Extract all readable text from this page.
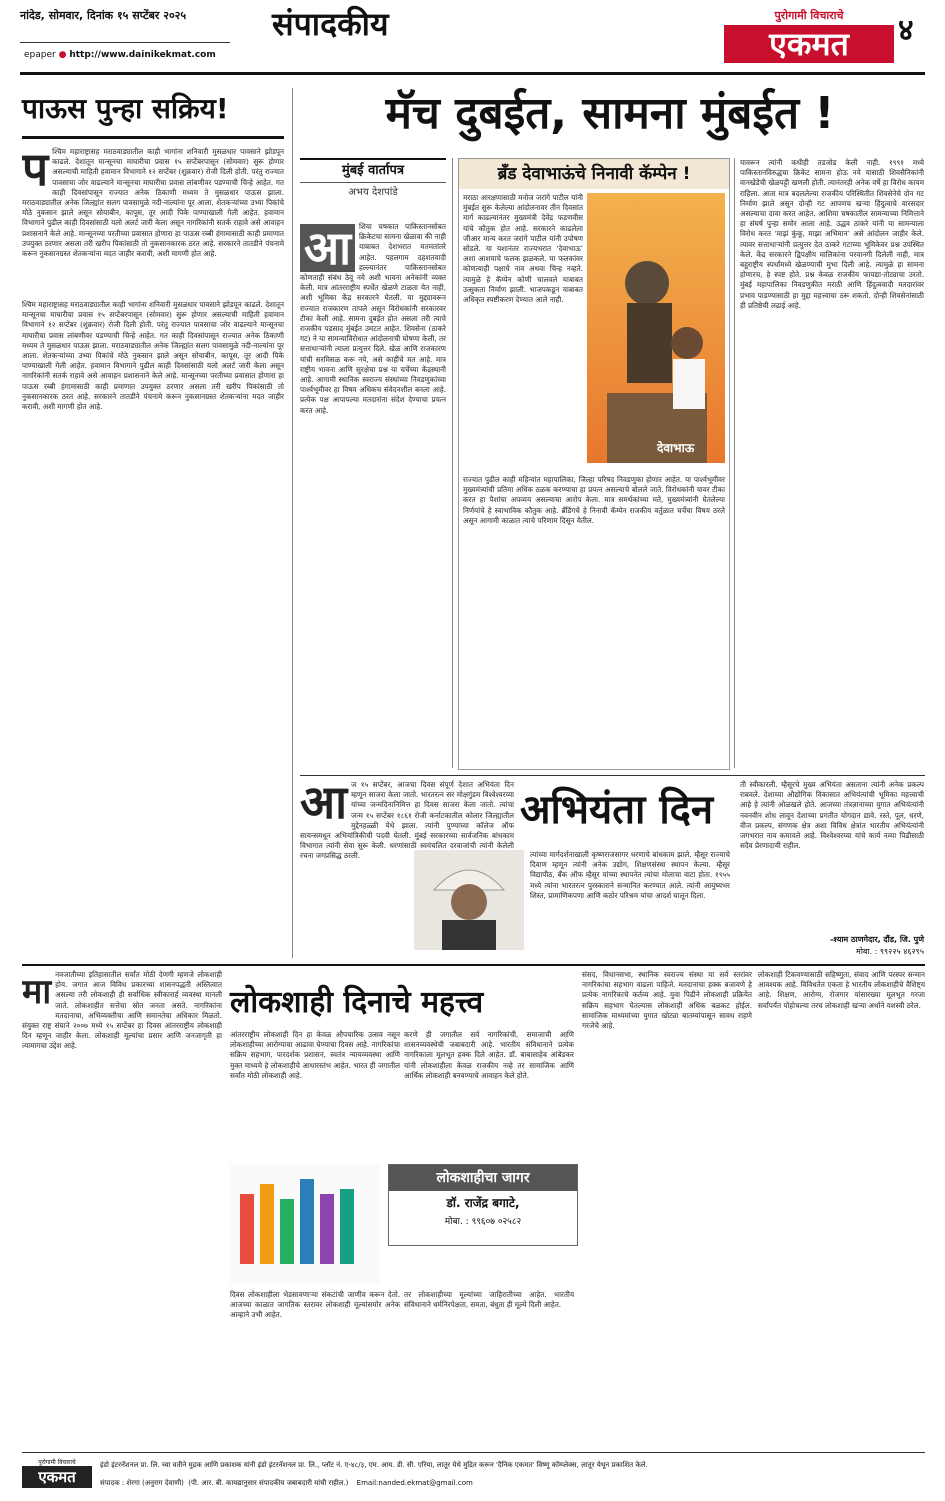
नांदेड, सोमवार, दिनांक १५ सप्टेंबर २०२५
epaper ● http://www.dainikekmat.com
संपादकीय	पुरोगामी विचाराचे
एकमत	४
पाऊस पुन्हा सक्रिय!
प श्चिम महाराष्ट्रासह मराठवाड्यातील काही भागांना शनिवारी मुसळधार पावसाने झोडपून काढले. देशातून मान्सूनचा माघारीचा प्रवास १५ सप्टेंबरपासून (सोमवार) सुरू होणार असल्याची माहिती हवामान विभागाने १२ सप्टेंबर (शुक्रवार) रोजी दिली होती. परंतु राज्यात पावसाचा जोर वाढल्याने मान्सूनचा माघारीचा प्रवास लांबणीवर पडण्याची चिन्हे आहेत. गत काही दिवसांपासून राज्यात अनेक ठिकाणी मध्यम ते मुसळधार पाऊस झाला. मराठवाड्यातील अनेक जिल्ह्यांत सलग पावसामुळे नदी-नाल्यांना पूर आला. शेतकऱ्यांच्या उभ्या पिकांचे मोठे नुकसान झाले असून सोयाबीन, कापूस, तूर आदी पिके पाण्याखाली गेली आहेत. हवामान विभागाने पुढील काही दिवसांसाठी यलो अलर्ट जारी केला असून नागरिकांनी सतर्क राहावे असे आवाहन प्रशासनाने केले आहे. मान्सूनच्या परतीच्या प्रवासात होणारा हा पाऊस रब्बी हंगामासाठी काही प्रमाणात उपयुक्त ठरणार असला तरी खरीप पिकांसाठी तो नुकसानकारक ठरत आहे. सरकारने तातडीने पंचनामे करून नुकसानग्रस्त शेतकऱ्यांना मदत जाहीर करावी, अशी मागणी होत आहे.
श्चिम महाराष्ट्रासह मराठवाड्यातील काही भागांना शनिवारी मुसळधार पावसाने झोडपून काढले. देशातून मान्सूनचा माघारीचा प्रवास १५ सप्टेंबरपासून (सोमवार) सुरू होणार असल्याची माहिती हवामान विभागाने १२ सप्टेंबर (शुक्रवार) रोजी दिली होती. परंतु राज्यात पावसाचा जोर वाढल्याने मान्सूनचा माघारीचा प्रवास लांबणीवर पडण्याची चिन्हे आहेत. गत काही दिवसांपासून राज्यात अनेक ठिकाणी मध्यम ते मुसळधार पाऊस झाला. मराठवाड्यातील अनेक जिल्ह्यांत सलग पावसामुळे नदी-नाल्यांना पूर आला. शेतकऱ्यांच्या उभ्या पिकांचे मोठे नुकसान झाले असून सोयाबीन, कापूस, तूर आदी पिके पाण्याखाली गेली आहेत. हवामान विभागाने पुढील काही दिवसांसाठी यलो अलर्ट जारी केला असून नागरिकांनी सतर्क राहावे असे आवाहन प्रशासनाने केले आहे. मान्सूनच्या परतीच्या प्रवासात होणारा हा पाऊस रब्बी हंगामासाठी काही प्रमाणात उपयुक्त ठरणार असला तरी खरीप पिकांसाठी तो नुकसानकारक ठरत आहे. सरकारने तातडीने पंचनामे करून नुकसानग्रस्त शेतकऱ्यांना मदत जाहीर करावी, अशी मागणी होत आहे.
मॅच दुबईत, सामना मुंबईत !
मुंबई वार्तापत्र
अभय देशपांडे
आ	शिया चषकात पाकिस्तानसोबत क्रिकेटचा सामना खेळावा की नाही याबाबत देशभरात मतमतांतरे आहेत. पहलगाम दहशतवादी हल्ल्यानंतर पाकिस्तानसोबत कोणताही संबंध ठेवू नये अशी भावना अनेकांनी व्यक्त केली. मात्र आंतरराष्ट्रीय स्पर्धेत खेळणे टाळता येत नाही, अशी भूमिका केंद्र सरकारने घेतली. या मुद्द्यावरून राज्यात राजकारण तापले असून विरोधकांनी सरकारवर टीका केली आहे. सामना दुबईत होत असला तरी त्याचे राजकीय पडसाद मुंबईत उमटत आहेत. शिवसेना (ठाकरे गट) ने या सामन्याविरोधात आंदोलनाची घोषणा केली, तर सत्ताधाऱ्यांनी त्याला प्रत्युत्तर दिले. खेळ आणि राजकारण यांची सरमिसळ करू नये, असे काहींचे मत आहे. मात्र राष्ट्रीय भावना आणि सुरक्षेचा प्रश्न या चर्चेच्या केंद्रस्थानी आहे. आगामी स्थानिक स्वराज्य संस्थांच्या निवडणुकांच्या पार्श्वभूमीवर हा विषय अधिकच संवेदनशील बनला आहे. प्रत्येक पक्ष आपापल्या मतदारांना संदेश देण्याचा प्रयत्न करत आहे.
ब्रँड देवाभाऊंचे निनावी कॅम्पेन !
मराठा आरक्षणासाठी मनोज जरांगे पाटील यांनी मुंबईत सुरू केलेल्या आंदोलनावर तीन दिवसांत मार्ग काढल्यानंतर मुख्यमंत्री देवेंद्र फडणवीस यांचे कौतुक होत आहे. सरकारने काढलेला जीआर मान्य करत जरांगे पाटील यांनी उपोषण सोडले. या यशानंतर राज्यभरात ‘देवाभाऊ’ अशा आशयाचे फलक झळकले. या फलकांवर कोणत्याही पक्षाचे नाव अथवा चिन्ह नव्हते. त्यामुळे हे कॅम्पेन कोणी चालवले याबाबत उत्सुकता निर्माण झाली. भाजपकडून याबाबत अधिकृत स्पष्टीकरण देण्यात आले नाही.
देवाभाऊ
राज्यात पुढील काही महिन्यांत महापालिका, जिल्हा परिषद निवडणुका होणार आहेत. या पार्श्वभूमीवर मुख्यमंत्र्यांची प्रतिमा अधिक ठळक करण्याचा हा प्रयत्न असल्याचे बोलले जाते. विरोधकांनी यावर टीका करत हा पैशांचा अपव्यय असल्याचा आरोप केला. मात्र समर्थकांच्या मते, मुख्यमंत्र्यांनी घेतलेल्या निर्णयांचे हे स्वाभाविक कौतुक आहे. ब्रँडिंगचे हे निनावी कॅम्पेन राजकीय वर्तुळात चर्चेचा विषय ठरले असून आगामी काळात त्याचे परिणाम दिसून येतील.
यावरून त्यांनी कधीही तडजोड केली नाही. १९९१ मध्ये पाकिस्तानविरुद्धचा क्रिकेट सामना होऊ नये यासाठी शिवसैनिकांनी वानखेडेची खेळपट्टी खणली होती. त्यानंतरही अनेक वर्षे हा विरोध कायम राहिला. आता मात्र बदललेल्या राजकीय परिस्थितीत शिवसेनेचे दोन गट निर्माण झाले असून दोन्ही गट आपणच खऱ्या हिंदुत्वाचे वारसदार असल्याचा दावा करत आहेत. आशिया चषकातील सामन्याच्या निमित्ताने हा संघर्ष पुन्हा समोर आला आहे. उद्धव ठाकरे यांनी या सामन्याला विरोध करत ‘माझं कुंकू, माझा अभिमान’ असे आंदोलन जाहीर केले. त्यावर सत्ताधाऱ्यांनी प्रत्युत्तर देत ठाकरे गटाच्या भूमिकेवर प्रश्न उपस्थित केले. केंद्र सरकारने द्विपक्षीय मालिकांना परवानगी दिलेली नाही, मात्र बहुराष्ट्रीय स्पर्धांमध्ये खेळण्याची मुभा दिली आहे. त्यामुळे हा सामना होणारच, हे स्पष्ट होते. प्रश्न केवळ राजकीय फायद्या-तोट्याचा उरतो. मुंबई महापालिका निवडणुकीत मराठी आणि हिंदुत्ववादी मतदारांवर प्रभाव पाडण्यासाठी हा मुद्दा महत्त्वाचा ठरू शकतो. दोन्ही शिवसेनांसाठी ही प्रतिष्ठेची लढाई आहे.
अभियंता दिन
आ ज १५ सप्टेंबर, आजचा दिवस संपूर्ण देशात अभियंता दिन म्हणून साजरा केला जातो. भारतरत्न सर मोक्षगुंडम विश्वेश्वरय्या यांच्या जन्मदिनानिमित्त हा दिवस साजरा केला जातो. त्यांचा जन्म १५ सप्टेंबर १८६१ रोजी कर्नाटकातील कोलार जिल्ह्यातील मुद्देनहळ्ळी येथे झाला. त्यांनी पुण्याच्या कॉलेज ऑफ सायन्समधून अभियांत्रिकीची पदवी घेतली. मुंबई सरकारच्या सार्वजनिक बांधकाम विभागात त्यांनी सेवा सुरू केली. धरणांसाठी स्वयंचलित दरवाजांची त्यांनी केलेली रचना जगप्रसिद्ध ठरली.	त्यांच्या मार्गदर्शनाखाली कृष्णराजसागर धरणाचे बांधकाम झाले. म्हैसूर राज्याचे दिवाण म्हणून त्यांनी अनेक उद्योग, शिक्षणसंस्था स्थापन केल्या. म्हैसूर विद्यापीठ, बँक ऑफ म्हैसूर यांच्या स्थापनेत त्यांचा मोलाचा वाटा होता. १९५५ मध्ये त्यांना भारतरत्न पुरस्काराने सन्मानित करण्यात आले. त्यांनी आयुष्यभर शिस्त, प्रामाणिकपणा आणि कठोर परिश्रम यांचा आदर्श घालून दिला.
ती स्वीकारली. म्हैसूरचे मुख्य अभियंता असताना त्यांनी अनेक प्रकल्प राबवले. देशाच्या औद्योगिक विकासात अभियंत्यांची भूमिका महत्त्वाची आहे हे त्यांनी ओळखले होते. आजच्या तंत्रज्ञानाच्या युगात अभियंत्यांनी नवनवीन शोध लावून देशाच्या प्रगतीत योगदान द्यावे. रस्ते, पूल, धरणे, वीज प्रकल्प, संगणक क्षेत्र अशा विविध क्षेत्रांत भारतीय अभियंत्यांनी जगभरात नाव कमावले आहे. विश्वेश्वरय्या यांचे कार्य नव्या पिढीसाठी सदैव प्रेरणादायी राहील.
-श्याम ठाणगेदार, दौंड, जि. पुणे
मोबा. : ९९२२५ ४६२९५
लोकशाही दिनाचे महत्त्व
मा नवजातीच्या इतिहासातील सर्वांत मोठी देणगी म्हणजे लोकशाही होय. जगात आज विविध प्रकारच्या शासनपद्धती अस्तित्वात असल्या तरी लोकशाही ही सर्वाधिक स्वीकारार्ह व्यवस्था मानली जाते. लोकशाहीत सत्तेचा स्रोत जनता असते. नागरिकांना मतदानाचा, अभिव्यक्तीचा आणि समानतेचा अधिकार मिळतो. संयुक्त राष्ट्र संघाने २००७ मध्ये १५ सप्टेंबर हा दिवस आंतरराष्ट्रीय लोकशाही दिन म्हणून जाहीर केला. लोकशाही मूल्यांचा प्रसार आणि जनजागृती हा त्यामागचा उद्देश आहे.
आंतरराष्ट्रीय लोकशाही दिन हा केवळ औपचारिक उत्सव नसून लोकशाहीच्या आरोग्याचा आढावा घेण्याचा दिवस आहे. नागरिकांचा सक्रिय सहभाग, पारदर्शक प्रशासन, स्वतंत्र न्यायव्यवस्था आणि मुक्त माध्यमे हे लोकशाहीचे आधारस्तंभ आहेत. भारत ही जगातील सर्वांत मोठी लोकशाही आहे.
करणे ही जगातील सर्व नागरिकांची, समाजाची आणि शासनव्यवस्थेची जबाबदारी आहे. भारतीय संविधानाने प्रत्येक नागरिकाला मूलभूत हक्क दिले आहेत. डॉ. बाबासाहेब आंबेडकर यांनी लोकशाहीला केवळ राजकीय नव्हे तर सामाजिक आणि आर्थिक लोकशाही बनवण्याचे आवाहन केले होते.
संसद, विधानसभा, स्थानिक स्वराज्य संस्था या सर्व स्तरांवर नागरिकांचा सहभाग वाढला पाहिजे. मतदानाचा हक्क बजावणे हे प्रत्येक नागरिकाचे कर्तव्य आहे. युवा पिढीने लोकशाही प्रक्रियेत सक्रिय सहभाग घेतल्यास लोकशाही अधिक बळकट होईल. सामाजिक माध्यमांच्या युगात खोट्या बातम्यांपासून सावध राहणे गरजेचे आहे.
लोकशाही टिकवण्यासाठी सहिष्णुता, संवाद आणि परस्पर सन्मान आवश्यक आहे. विविधतेत एकता हे भारतीय लोकशाहीचे वैशिष्ट्य आहे. शिक्षण, आरोग्य, रोजगार यांसारख्या मूलभूत गरजा सर्वांपर्यंत पोहोचल्या तरच लोकशाही खऱ्या अर्थाने यशस्वी ठरेल.
लोकशाहीचा जागर
डॉ. राजेंद्र बगाटे,
मोबा. : ९९६०७ ०२५८२
दिवस लोकशाहीला भेडसावणाऱ्या संकटांची जाणीव करून देतो. आजच्या काळात जागतिक स्तरावर लोकशाही मूल्यांसमोर अनेक आव्हाने उभी आहेत.
तर लोकशाहीच्या मूल्यांच्या जाहिरातीच्या आहेत. भारतीय संविधानाने धर्मनिरपेक्षता, समता, बंधुता ही मूल्ये दिली आहेत.
पुरोगामी विचाराचे
एकमत
इंडो इंटरनॅशनल प्रा. लि. च्या वतीने मुद्रक आणि प्रकाशक यांनी इंडो इंटरनॅशनल प्रा. लि., प्लॉट नं. ए-४८/३, एम. आय. डी. सी. एरिया, लातूर येथे मुद्रित करून 'दैनिक एकमत' विष्णू कॉम्प्लेक्स, लातूर येथून प्रकाशित केले.
संपादक : शेरगा (अनुराग देवाणी)  (पी. आर. बी. कायद्यानुसार संपादकीय जबाबदारी यांची राहील.) Email:nanded.ekmat@gmail.com
